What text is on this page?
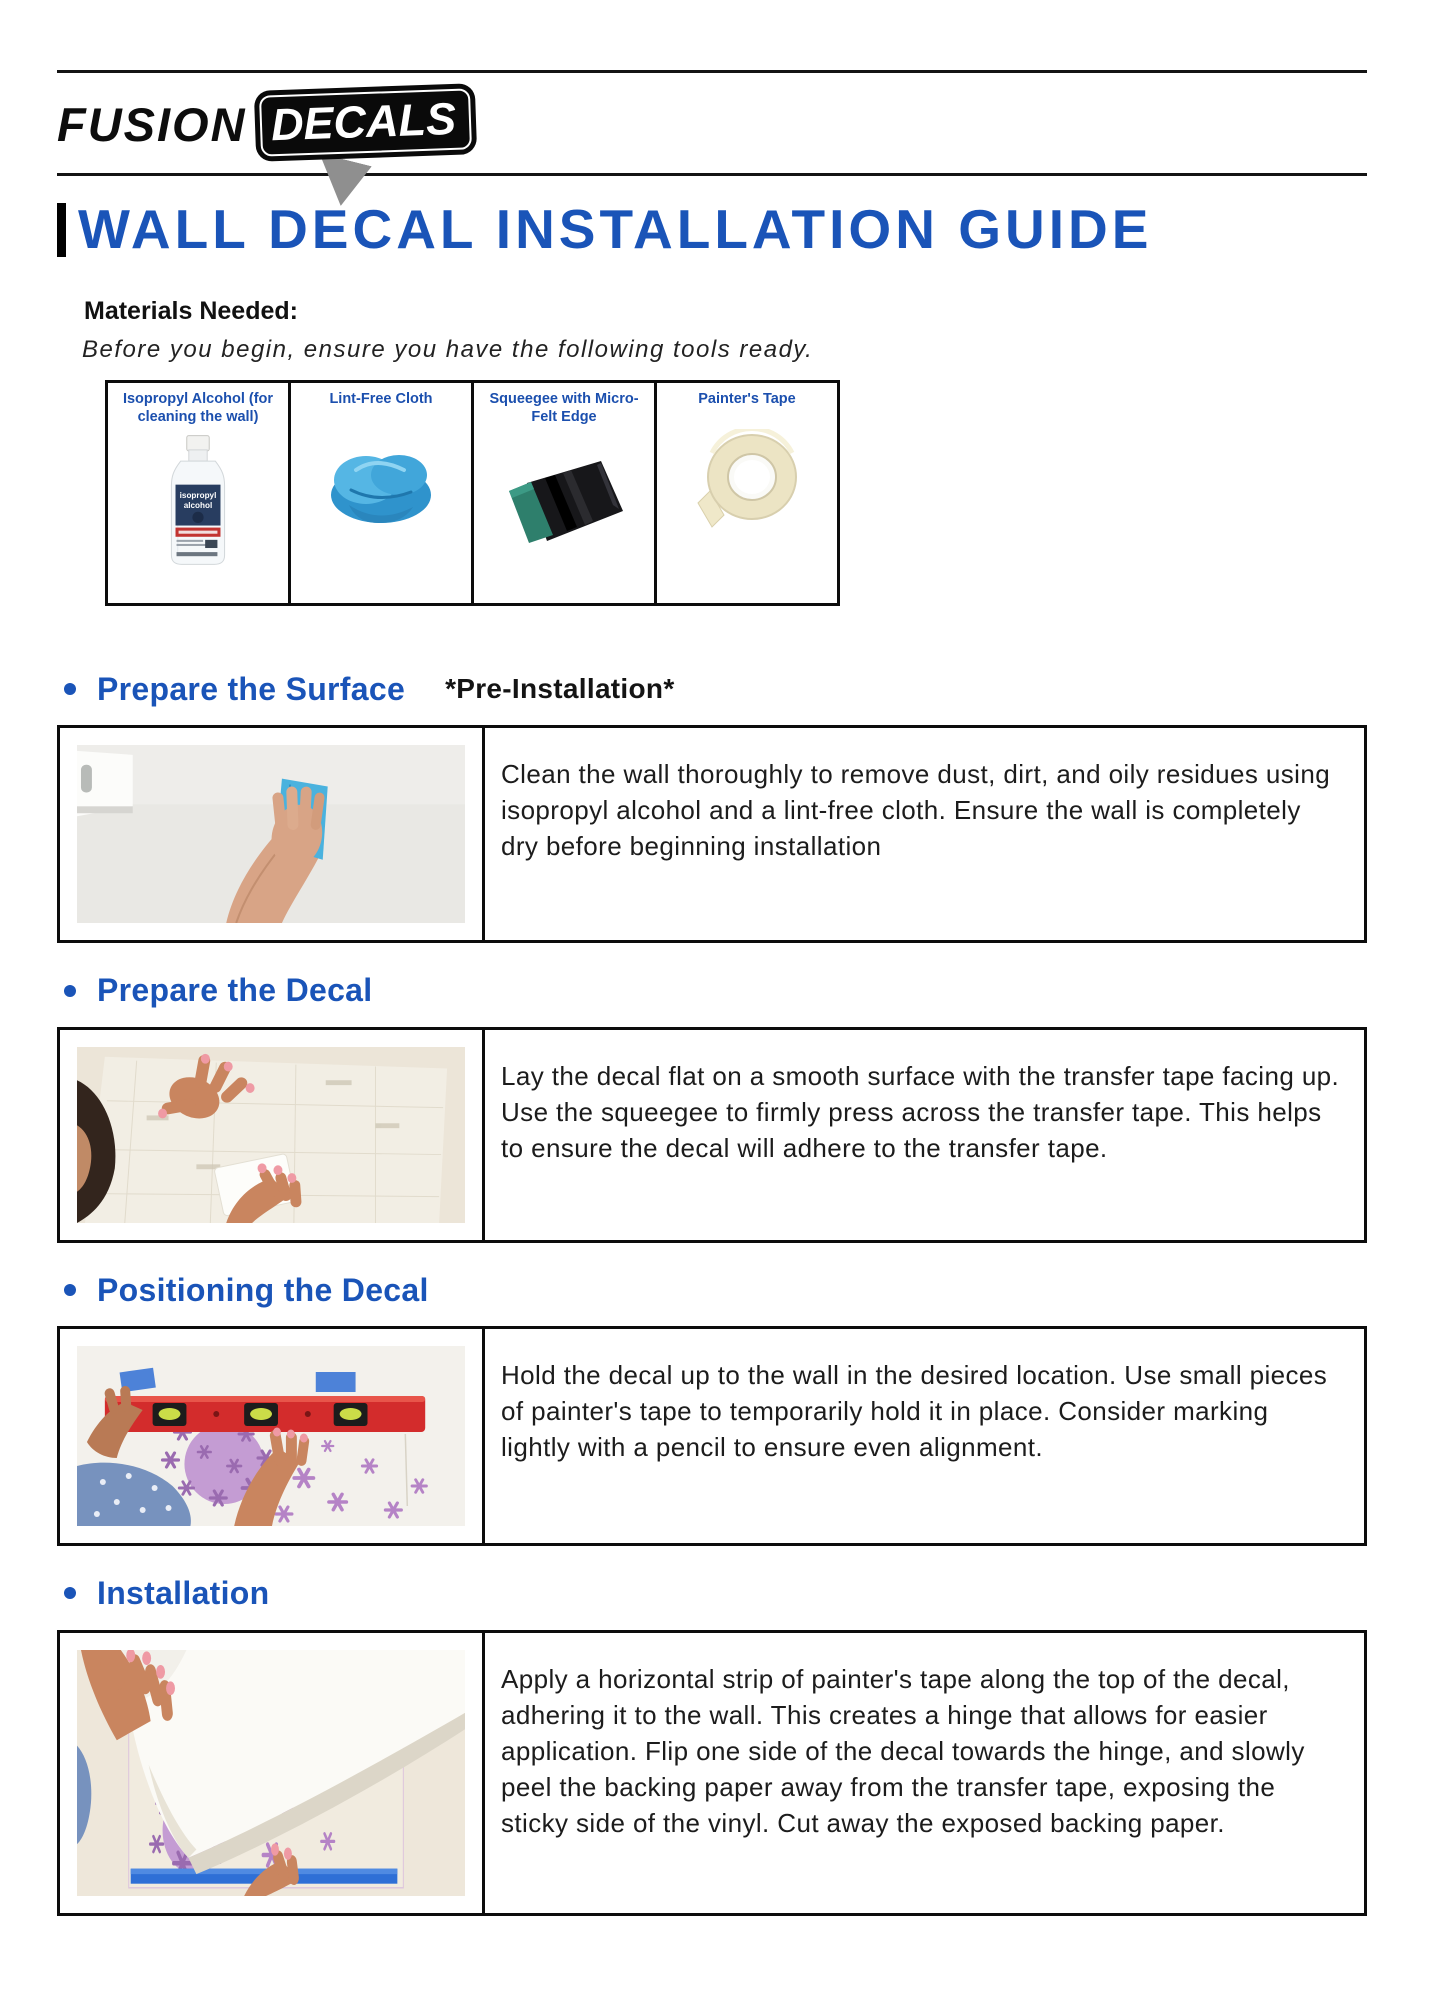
FUSION DECALS
WALL DECAL INSTALLATION GUIDE
Materials Needed:
Before you begin, ensure you have the following tools ready.
Isopropyl Alcohol (for cleaning the wall)
isopropyl
alcohol

Lint-Free Cloth	Squeegee with Micro-Felt Edge

Painter's Tape
Prepare the Surface *Pre-Installation*
Clean the wall thoroughly to remove dust, dirt, and oily residues using isopropyl alcohol and a lint-free cloth. Ensure the wall is completely dry before beginning installation
Prepare the Decal
Lay the decal flat on a smooth surface with the transfer tape facing up. Use the squeegee to firmly press across the transfer tape. This helps to ensure the decal will adhere to the transfer tape.
Positioning the Decal
Hold the decal up to the wall in the desired location. Use small pieces of painter's tape to temporarily hold it in place. Consider marking lightly with a pencil to ensure even alignment.
Installation
Apply a horizontal strip of painter's tape along the top of the decal, adhering it to the wall. This creates a hinge that allows for easier application. Flip one side of the decal towards the hinge, and slowly peel the backing paper away from the transfer tape, exposing the sticky side of the vinyl. Cut away the exposed backing paper.
